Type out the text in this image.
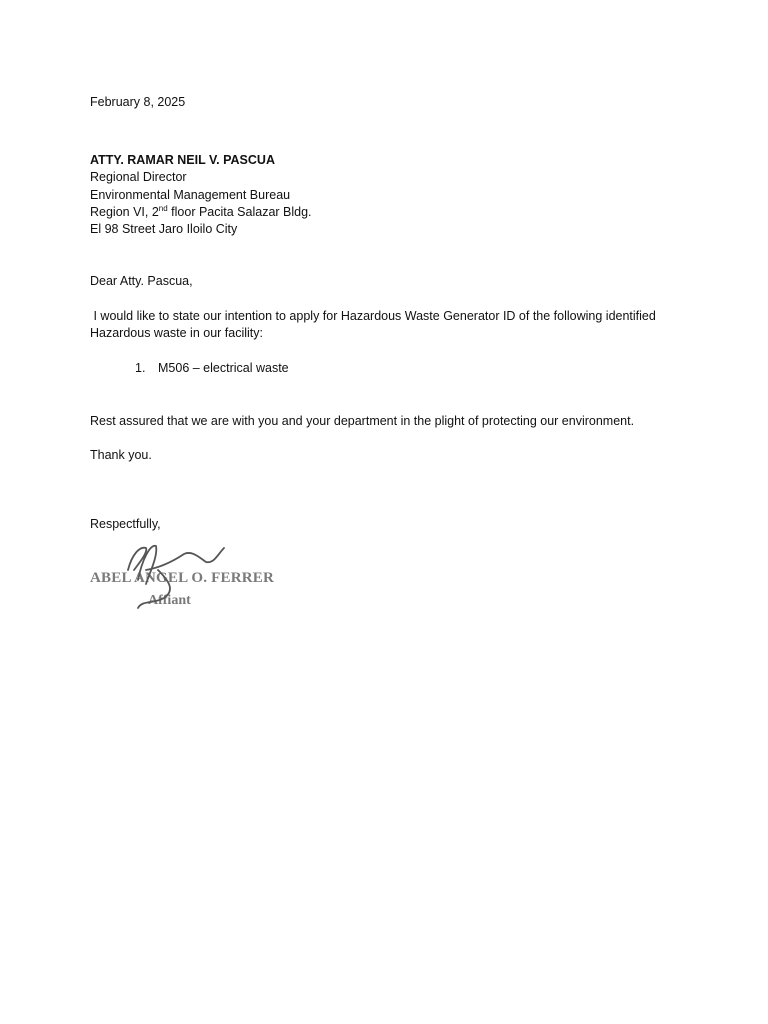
February 8, 2025
ATTY. RAMAR NEIL V. PASCUA
Regional Director
Environmental Management Bureau
Region VI, 2nd floor Pacita Salazar Bldg.
El 98 Street Jaro Iloilo City
Dear Atty. Pascua,
I would like to state our intention to apply for Hazardous Waste Generator ID of the following identified Hazardous waste in our facility:
1. M506 – electrical waste
Rest assured that we are with you and your department in the plight of protecting our environment.
Thank you.
Respectfully,
ABEL ANGEL O. FERRER
Affiant
